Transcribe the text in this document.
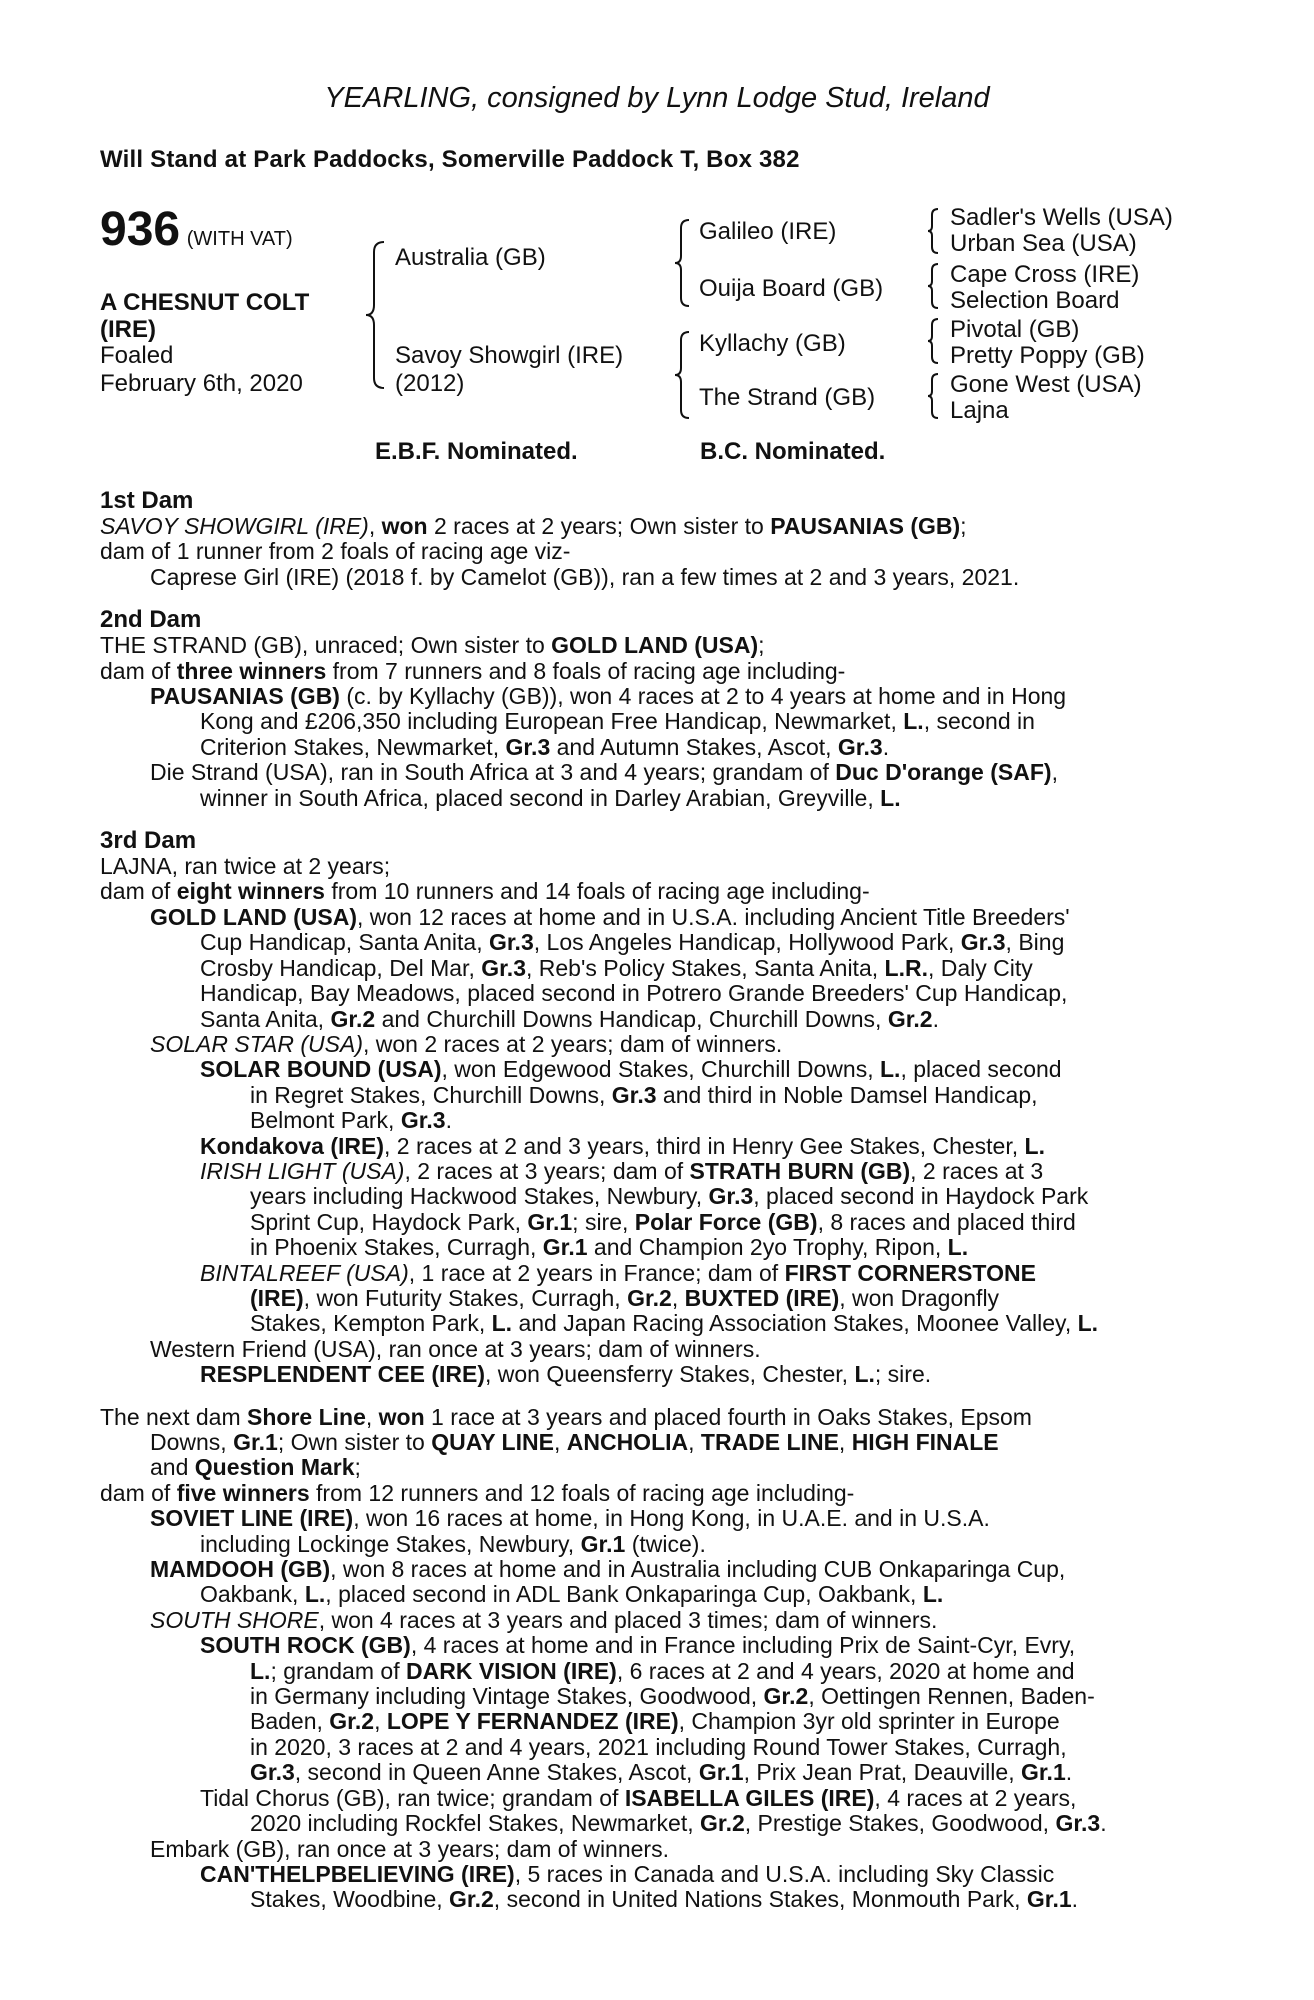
YEARLING, consigned by Lynn Lodge Stud, Ireland
Will Stand at Park Paddocks, Somerville Paddock T, Box 382
936 (WITH VAT)
A CHESNUT COLT
(IRE)
Foaled
February 6th, 2020
Australia (GB)
Savoy Showgirl (IRE)
(2012)
Galileo (IRE)
Ouija Board (GB)
Kyllachy (GB)
The Strand (GB)
Sadler's Wells (USA)
Urban Sea (USA)
Cape Cross (IRE)
Selection Board
Pivotal (GB)
Pretty Poppy (GB)
Gone West (USA)
Lajna
E.B.F. Nominated.	B.C. Nominated.
1st Dam
SAVOY SHOWGIRL (IRE), won 2 races at 2 years; Own sister to PAUSANIAS (GB);
dam of 1 runner from 2 foals of racing age viz-
Caprese Girl (IRE) (2018 f. by Camelot (GB)), ran a few times at 2 and 3 years, 2021.
2nd Dam
THE STRAND (GB), unraced; Own sister to GOLD LAND (USA);
dam of three winners from 7 runners and 8 foals of racing age including-
PAUSANIAS (GB) (c. by Kyllachy (GB)), won 4 races at 2 to 4 years at home and in Hong
Kong and £206,350 including European Free Handicap, Newmarket, L., second in
Criterion Stakes, Newmarket, Gr.3 and Autumn Stakes, Ascot, Gr.3.
Die Strand (USA), ran in South Africa at 3 and 4 years; grandam of Duc D'orange (SAF),
winner in South Africa, placed second in Darley Arabian, Greyville, L.
3rd Dam
LAJNA, ran twice at 2 years;
dam of eight winners from 10 runners and 14 foals of racing age including-
GOLD LAND (USA), won 12 races at home and in U.S.A. including Ancient Title Breeders'
Cup Handicap, Santa Anita, Gr.3, Los Angeles Handicap, Hollywood Park, Gr.3, Bing
Crosby Handicap, Del Mar, Gr.3, Reb's Policy Stakes, Santa Anita, L.R., Daly City
Handicap, Bay Meadows, placed second in Potrero Grande Breeders' Cup Handicap,
Santa Anita, Gr.2 and Churchill Downs Handicap, Churchill Downs, Gr.2.
SOLAR STAR (USA), won 2 races at 2 years; dam of winners.
SOLAR BOUND (USA), won Edgewood Stakes, Churchill Downs, L., placed second
in Regret Stakes, Churchill Downs, Gr.3 and third in Noble Damsel Handicap,
Belmont Park, Gr.3.
Kondakova (IRE), 2 races at 2 and 3 years, third in Henry Gee Stakes, Chester, L.
IRISH LIGHT (USA), 2 races at 3 years; dam of STRATH BURN (GB), 2 races at 3
years including Hackwood Stakes, Newbury, Gr.3, placed second in Haydock Park
Sprint Cup, Haydock Park, Gr.1; sire, Polar Force (GB), 8 races and placed third
in Phoenix Stakes, Curragh, Gr.1 and Champion 2yo Trophy, Ripon, L.
BINTALREEF (USA), 1 race at 2 years in France; dam of FIRST CORNERSTONE
(IRE), won Futurity Stakes, Curragh, Gr.2, BUXTED (IRE), won Dragonfly
Stakes, Kempton Park, L. and Japan Racing Association Stakes, Moonee Valley, L.
Western Friend (USA), ran once at 3 years; dam of winners.
RESPLENDENT CEE (IRE), won Queensferry Stakes, Chester, L.; sire.
The next dam Shore Line, won 1 race at 3 years and placed fourth in Oaks Stakes, Epsom
Downs, Gr.1; Own sister to QUAY LINE, ANCHOLIA, TRADE LINE, HIGH FINALE
and Question Mark;
dam of five winners from 12 runners and 12 foals of racing age including-
SOVIET LINE (IRE), won 16 races at home, in Hong Kong, in U.A.E. and in U.S.A.
including Lockinge Stakes, Newbury, Gr.1 (twice).
MAMDOOH (GB), won 8 races at home and in Australia including CUB Onkaparinga Cup,
Oakbank, L., placed second in ADL Bank Onkaparinga Cup, Oakbank, L.
SOUTH SHORE, won 4 races at 3 years and placed 3 times; dam of winners.
SOUTH ROCK (GB), 4 races at home and in France including Prix de Saint-Cyr, Evry,
L.; grandam of DARK VISION (IRE), 6 races at 2 and 4 years, 2020 at home and
in Germany including Vintage Stakes, Goodwood, Gr.2, Oettingen Rennen, Baden-
Baden, Gr.2, LOPE Y FERNANDEZ (IRE), Champion 3yr old sprinter in Europe
in 2020, 3 races at 2 and 4 years, 2021 including Round Tower Stakes, Curragh,
Gr.3, second in Queen Anne Stakes, Ascot, Gr.1, Prix Jean Prat, Deauville, Gr.1.
Tidal Chorus (GB), ran twice; grandam of ISABELLA GILES (IRE), 4 races at 2 years,
2020 including Rockfel Stakes, Newmarket, Gr.2, Prestige Stakes, Goodwood, Gr.3.
Embark (GB), ran once at 3 years; dam of winners.
CAN'THELPBELIEVING (IRE), 5 races in Canada and U.S.A. including Sky Classic
Stakes, Woodbine, Gr.2, second in United Nations Stakes, Monmouth Park, Gr.1.
